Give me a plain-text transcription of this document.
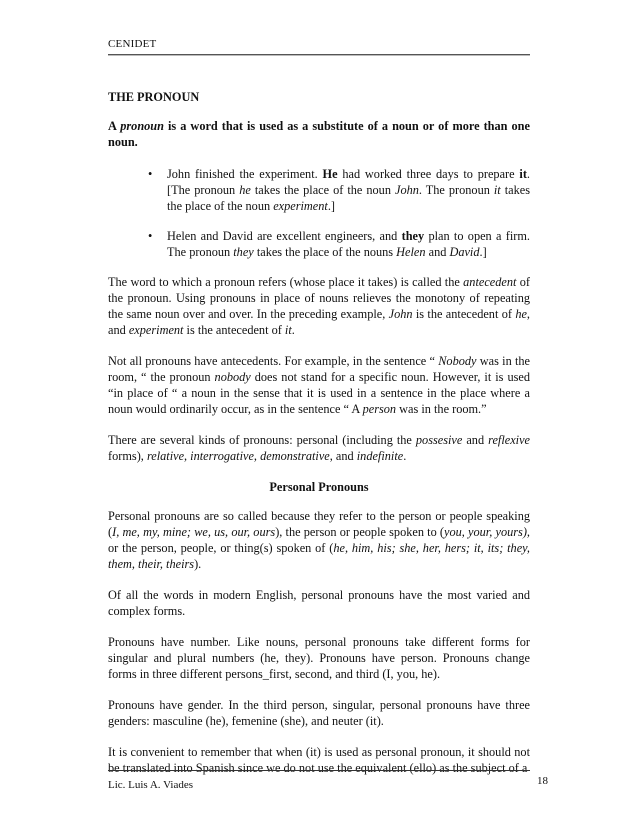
CENIDET
THE PRONOUN
A pronoun is a word that is used as a substitute of a noun or of more than one noun.
• John finished the experiment. He had worked three days to prepare it. [The pronoun he takes the place of the noun John. The pronoun it takes the place of the noun experiment.]
• Helen and David are excellent engineers, and they plan to open a firm. The pronoun they takes the place of the nouns Helen and David.]

The word to which a pronoun refers (whose place it takes) is called the antecedent of the pronoun. Using pronouns in place of nouns relieves the monotony of repeating the same noun over and over. In the preceding example, John is the antecedent of he, and experiment is the antecedent of it.

Not all pronouns have antecedents. For example, in the sentence “ Nobody was in the room, “ the pronoun nobody does not stand for a specific noun. However, it is used “in place of “ a noun in the sense that it is used in a sentence in the place where a noun would ordinarily occur, as in the sentence “ A person was in the room.”

There are several kinds of pronouns: personal (including the possesive and reflexive forms), relative, interrogative, demonstrative, and indefinite.

Personal Pronouns

Personal pronouns are so called because they refer to the person or people speaking (I, me, my, mine; we, us, our, ours), the person or people spoken to (you, your, yours), or the person, people, or thing(s) spoken of (he, him, his; she, her, hers; it, its; they, them, their, theirs).

Of all the words in modern English, personal pronouns have the most varied and complex forms.

Pronouns have number. Like nouns, personal pronouns take different forms for singular and plural numbers (he, they). Pronouns have person. Pronouns change forms in three different persons_first, second, and third (I, you, he).

Pronouns have gender. In the third person, singular, personal pronouns have three genders: masculine (he), femenine (she), and neuter (it).

It is convenient to remember that when (it) is used as personal pronoun, it should not be translated into Spanish since we do not use the equivalent (ello) as the subject of a

Lic. Luis A. Viades	18
